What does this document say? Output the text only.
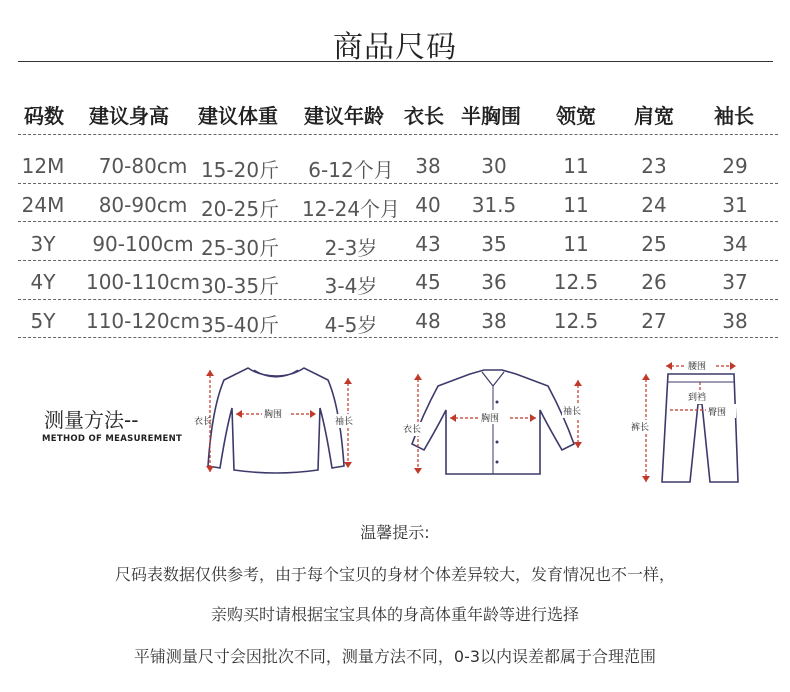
商品尺码
码数 建议身高 建议体重 建议年龄 衣长 半胸围 领宽 肩宽 袖长
12M 70-80cm 15-20斤 6-12个月 38 30	11	23	29
24M 80-90cm 20-25斤 12-24个月 40 31.5 11	24	31
3Y 90-100cm 25-30斤 2-3岁 43 35	11	25	34
4Y 100-110cm 30-35斤 3-4岁 45 36 12.5 26	37
5Y 110-120cm 35-40斤 4-5岁 48 38 12.5 27	38
测量方法--
METHOD OF MEASUREMENT
衣长
胸围
袖长
衣长
胸围
袖长
腰围
到裆
臀围
裤长
温馨提示:
尺码表数据仅供参考，由于每个宝贝的身材个体差异较大，发育情况也不一样，
亲购买时请根据宝宝具体的身高体重年龄等进行选择
平铺测量尺寸会因批次不同，测量方法不同，0-3以内误差都属于合理范围
